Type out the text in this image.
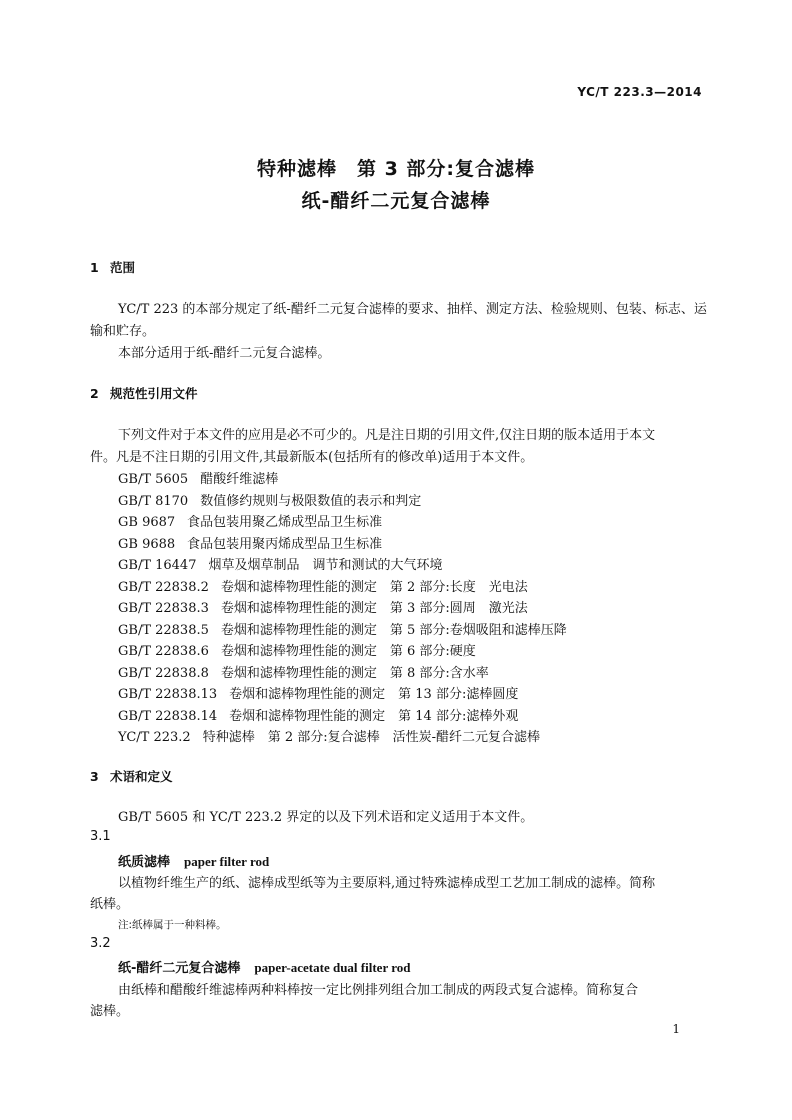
YC/T 223.3—2014

特种滤棒　第 3 部分:复合滤棒

纸-醋纤二元复合滤棒

1 范围

YC/T 223 的本部分规定了纸-醋纤二元复合滤棒的要求、抽样、测定方法、检验规则、包装、标志、运

输和贮存。

本部分适用于纸-醋纤二元复合滤棒。

2 规范性引用文件

下列文件对于本文件的应用是必不可少的。凡是注日期的引用文件,仅注日期的版本适用于本文

件。凡是不注日期的引用文件,其最新版本(包括所有的修改单)适用于本文件。

GB/T 5605 醋酸纤维滤棒

GB/T 8170 数值修约规则与极限数值的表示和判定

GB 9687 食品包装用聚乙烯成型品卫生标准

GB 9688 食品包装用聚丙烯成型品卫生标准

GB/T 16447 烟草及烟草制品　调节和测试的大气环境

GB/T 22838.2 卷烟和滤棒物理性能的测定　第 2 部分:长度　光电法

GB/T 22838.3 卷烟和滤棒物理性能的测定　第 3 部分:圆周　激光法

GB/T 22838.5 卷烟和滤棒物理性能的测定　第 5 部分:卷烟吸阻和滤棒压降

GB/T 22838.6 卷烟和滤棒物理性能的测定　第 6 部分:硬度

GB/T 22838.8 卷烟和滤棒物理性能的测定　第 8 部分:含水率

GB/T 22838.13 卷烟和滤棒物理性能的测定　第 13 部分:滤棒圆度

GB/T 22838.14 卷烟和滤棒物理性能的测定　第 14 部分:滤棒外观

YC/T 223.2 特种滤棒　第 2 部分:复合滤棒　活性炭-醋纤二元复合滤棒

3 术语和定义

GB/T 5605 和 YC/T 223.2 界定的以及下列术语和定义适用于本文件。

3.1

纸质滤棒 paper filter rod

以植物纤维生产的纸、滤棒成型纸等为主要原料,通过特殊滤棒成型工艺加工制成的滤棒。简称

纸棒。

注:纸棒属于一种料棒。

3.2

纸-醋纤二元复合滤棒 paper-acetate dual filter rod

由纸棒和醋酸纤维滤棒两种料棒按一定比例排列组合加工制成的两段式复合滤棒。简称复合

滤棒。

1
